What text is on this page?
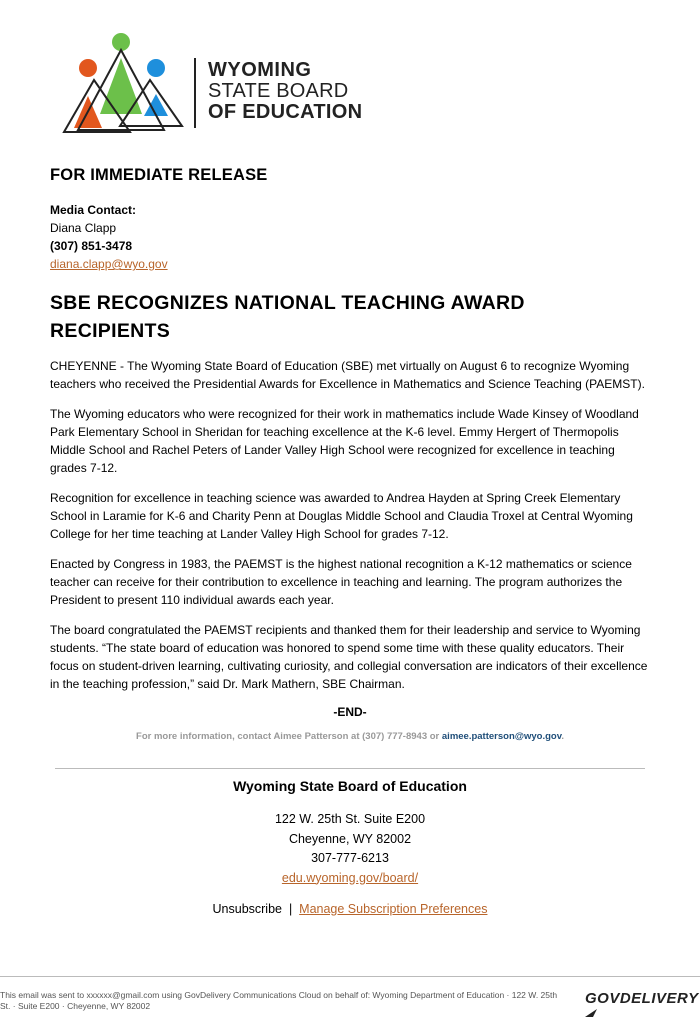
WYOMING
STATE BOARD
OF EDUCATION
FOR IMMEDIATE RELEASE
Media Contact:
Diana Clapp
(307) 851-3478
diana.clapp@wyo.gov
SBE RECOGNIZES NATIONAL TEACHING AWARD RECIPIENTS

CHEYENNE - The Wyoming State Board of Education (SBE) met virtually on August 6 to recognize Wyoming teachers who received the Presidential Awards for Excellence in Mathematics and Science Teaching (PAEMST).

The Wyoming educators who were recognized for their work in mathematics include Wade Kinsey of Woodland Park Elementary School in Sheridan for teaching excellence at the K-6 level. Emmy Hergert of Thermopolis Middle School and Rachel Peters of Lander Valley High School were recognized for excellence in teaching grades 7-12.

Recognition for excellence in teaching science was awarded to Andrea Hayden at Spring Creek Elementary School in Laramie for K-6 and Charity Penn at Douglas Middle School and Claudia Troxel at Central Wyoming College for her time teaching at Lander Valley High School for grades 7-12.

Enacted by Congress in 1983, the PAEMST is the highest national recognition a K-12 mathematics or science teacher can receive for their contribution to excellence in teaching and learning. The program authorizes the President to present 110 individual awards each year.

The board congratulated the PAEMST recipients and thanked them for their leadership and service to Wyoming students. “The state board of education was honored to spend some time with these quality educators. Their focus on student-driven learning, cultivating curiosity, and collegial conversation are indicators of their excellence in the teaching profession,” said Dr. Mark Mathern, SBE Chairman.

-END-
For more information, contact Aimee Patterson at (307) 777-8943 or aimee.patterson@wyo.gov.
Wyoming State Board of Education
122 W. 25th St. Suite E200
Cheyenne, WY 82002
307-777-6213
edu.wyoming.gov/board/
Unsubscribe | Manage Subscription Preferences
This email was sent to xxxxxx@gmail.com using GovDelivery Communications Cloud on behalf of: Wyoming Department of Education · 122 W. 25th St. · Suite E200 · Cheyenne, WY 82002	GOVDELIVERY
